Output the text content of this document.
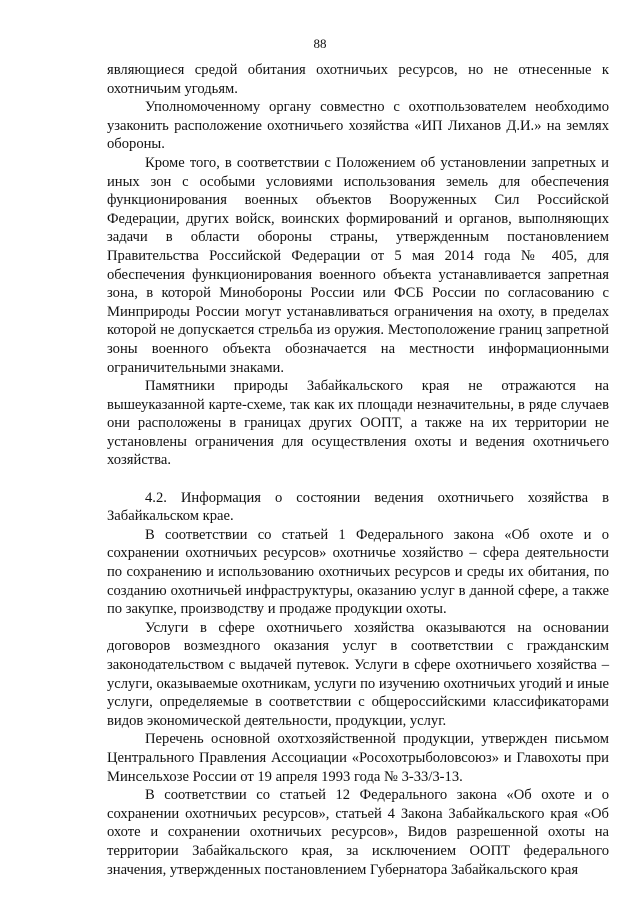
88

являющиеся средой обитания охотничьих ресурсов, но не отнесенные к охотничьим угодьям.

Уполномоченному органу совместно с охотпользователем необходимо узаконить расположение охотничьего хозяйства «ИП Лиханов Д.И.» на землях обороны.

Кроме того, в соответствии с Положением об установлении запретных и иных зон с особыми условиями использования земель для обеспечения функционирования военных объектов Вооруженных Сил Российской Федерации, других войск, воинских формирований и органов, выполняющих задачи в области обороны страны, утвержденным постановлением Правительства Российской Федерации от 5 мая 2014 года № 405, для обеспечения функционирования военного объекта устанавливается запретная зона, в которой Минобороны России или ФСБ России по согласованию с Минприроды России могут устанавливаться ограничения на охоту, в пределах которой не допускается стрельба из оружия. Местоположение границ запретной зоны военного объекта обозначается на местности информационными ограничительными знаками.

Памятники природы Забайкальского края не отражаются на вышеуказанной карте-схеме, так как их площади незначительны, в ряде случаев они расположены в границах других ООПТ, а также на их территории не установлены ограничения для осуществления охоты и ведения охотничьего хозяйства.

4.2. Информация о состоянии ведения охотничьего хозяйства в Забайкальском крае.

В соответствии со статьей 1 Федерального закона «Об охоте и о сохранении охотничьих ресурсов» охотничье хозяйство – сфера деятельности по сохранению и использованию охотничьих ресурсов и среды их обитания, по созданию охотничьей инфраструктуры, оказанию услуг в данной сфере, а также по закупке, производству и продаже продукции охоты.

Услуги в сфере охотничьего хозяйства оказываются на основании договоров возмездного оказания услуг в соответствии с гражданским законодательством с выдачей путевок. Услуги в сфере охотничьего хозяйства – услуги, оказываемые охотникам, услуги по изучению охотничьих угодий и иные услуги, определяемые в соответствии с общероссийскими классификаторами видов экономической деятельности, продукции, услуг.

Перечень основной охотхозяйственной продукции, утвержден письмом Центрального Правления Ассоциации «Росохотрыболовсоюз» и Главохоты при Минсельхозе России от 19 апреля 1993 года № 3-33/3-13.

В соответствии со статьей 12 Федерального закона «Об охоте и о сохранении охотничьих ресурсов», статьей 4 Закона Забайкальского края «Об охоте и сохранении охотничьих ресурсов», Видов разрешенной охоты на территории Забайкальского края, за исключением ООПТ федерального значения, утвержденных постановлением Губернатора Забайкальского края
